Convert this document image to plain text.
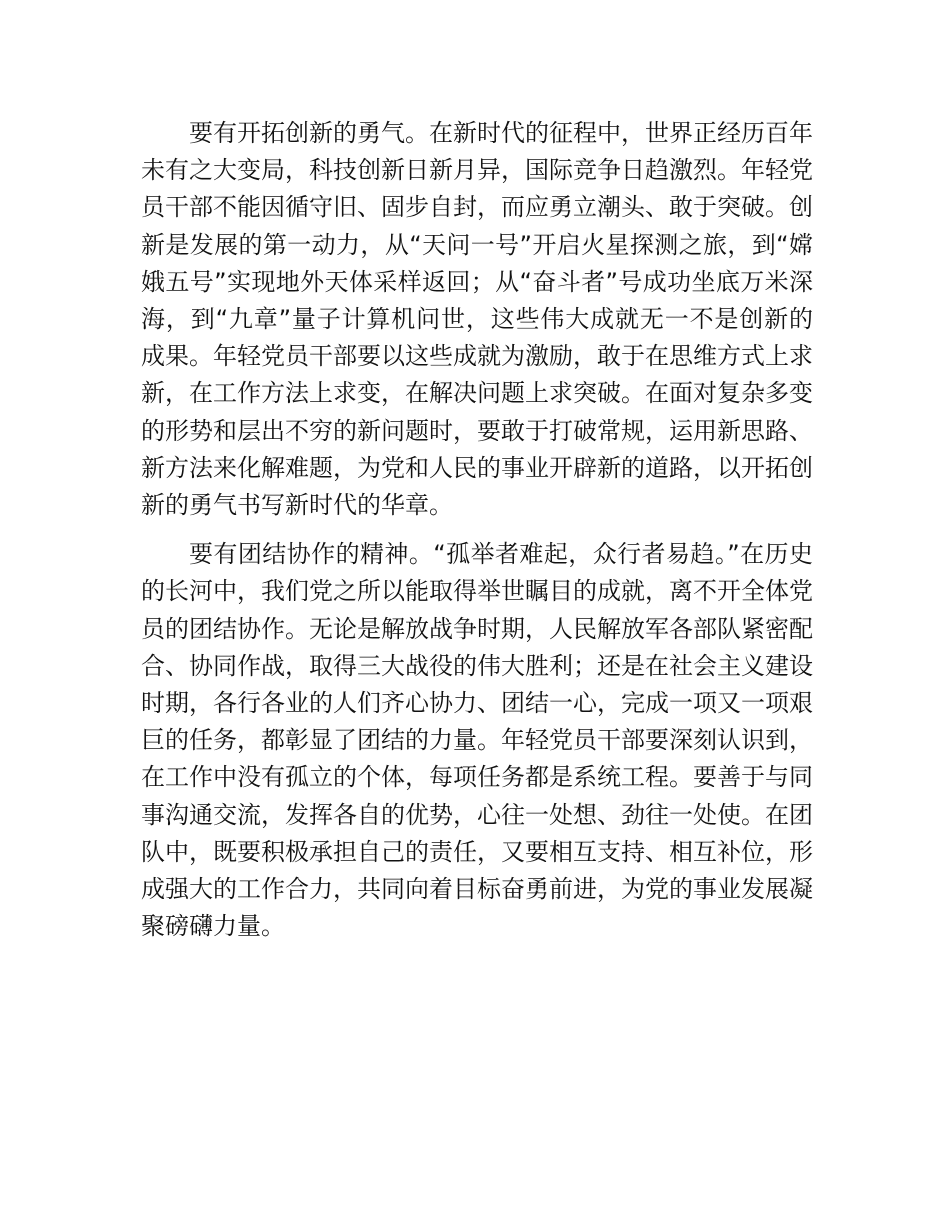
要有开拓创新的勇气。在新时代的征程中，世界正经历百年未有之大变局，科技创新日新月异，国际竞争日趋激烈。年轻党员干部不能因循守旧、固步自封，而应勇立潮头、敢于突破。创新是发展的第一动力，从“天问一号”开启火星探测之旅，到“嫦娥五号”实现地外天体采样返回；从“奋斗者”号成功坐底万米深海，到“九章”量子计算机问世，这些伟大成就无一不是创新的成果。年轻党员干部要以这些成就为激励，敢于在思维方式上求新，在工作方法上求变，在解决问题上求突破。在面对复杂多变的形势和层出不穷的新问题时，要敢于打破常规，运用新思路、新方法来化解难题，为党和人民的事业开辟新的道路，以开拓创新的勇气书写新时代的华章。

要有团结协作的精神。“孤举者难起，众行者易趋。”在历史的长河中，我们党之所以能取得举世瞩目的成就，离不开全体党员的团结协作。无论是解放战争时期，人民解放军各部队紧密配合、协同作战，取得三大战役的伟大胜利；还是在社会主义建设时期，各行各业的人们齐心协力、团结一心，完成一项又一项艰巨的任务，都彰显了团结的力量。年轻党员干部要深刻认识到，在工作中没有孤立的个体，每项任务都是系统工程。要善于与同事沟通交流，发挥各自的优势，心往一处想、劲往一处使。在团队中，既要积极承担自己的责任，又要相互支持、相互补位，形成强大的工作合力，共同向着目标奋勇前进，为党的事业发展凝聚磅礴力量。
